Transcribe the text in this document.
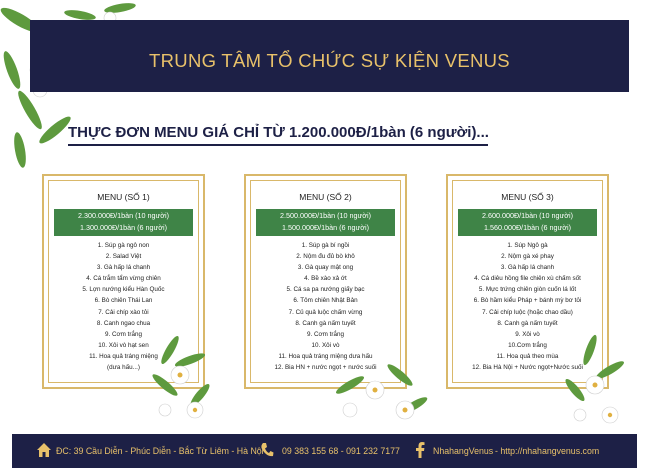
TRUNG TÂM TỔ CHỨC SỰ KIỆN VENUS
THỰC ĐƠN MENU GIÁ CHỈ TỪ 1.200.000Đ/1bàn (6 người)...
MENU (SỐ 1)
2.300.000Đ/1bàn (10 người)
1.300.000Đ/1bàn (6 người)
1. Súp gà ngô non
2. Salad Việt
3. Gà hấp lá chanh
4. Cá trắm tẩm vừng chiên
5. Lợn nướng kiểu Hàn Quốc
6. Bò chiên Thái Lan
7. Cải chíp xào tỏi
8. Canh ngao chua
9. Cơm trắng
10. Xôi vò hạt sen
11. Hoa quả tráng miệng
(dưa hấu...)
MENU (SỐ 2)
2.500.000Đ/1bàn (10 người)
1.500.000Đ/1bàn (6 người)
1. Súp gà bí ngồi
2. Nộm đu đủ bò khô
3. Gà quay mật ong
4. Bề xào xả ớt
5. Cá sa pa nướng giấy bạc
6. Tôm chiên Nhật Bản
7. Củ quả luộc chấm vừng
8. Canh gà nấm tuyết
9. Cơm trắng
10. Xôi vò
11. Hoa quả tráng miệng dưa hấu
12. Bia HN + nước ngọt + nước suối
MENU (SỐ 3)
2.600.000Đ/1bàn (10 người)
1.560.000Đ/1bàn (6 người)
1. Súp Ngô gà
2. Nộm gà xé phay
3. Gà hấp lá chanh
4. Cá diêu hồng file chiên xù chấm sốt
5. Mực trứng chiên giòn cuốn lá lốt
6. Bò hầm kiểu Pháp + bánh mỳ bơ tỏi
7. Cải chíp luộc (hoặc chao dầu)
8. Canh gà nấm tuyết
9. Xôi vò
10.Cơm trắng
11. Hoa quả theo mùa
12. Bia Hà Nội + Nước ngọt+Nước suối
ĐC: 39 Cầu Diễn - Phúc Diễn - Bắc Từ Liêm - Hà Nội 09 383 155 68 - 091 232 7177	NhahangVenus - http://nhahangvenus.com
